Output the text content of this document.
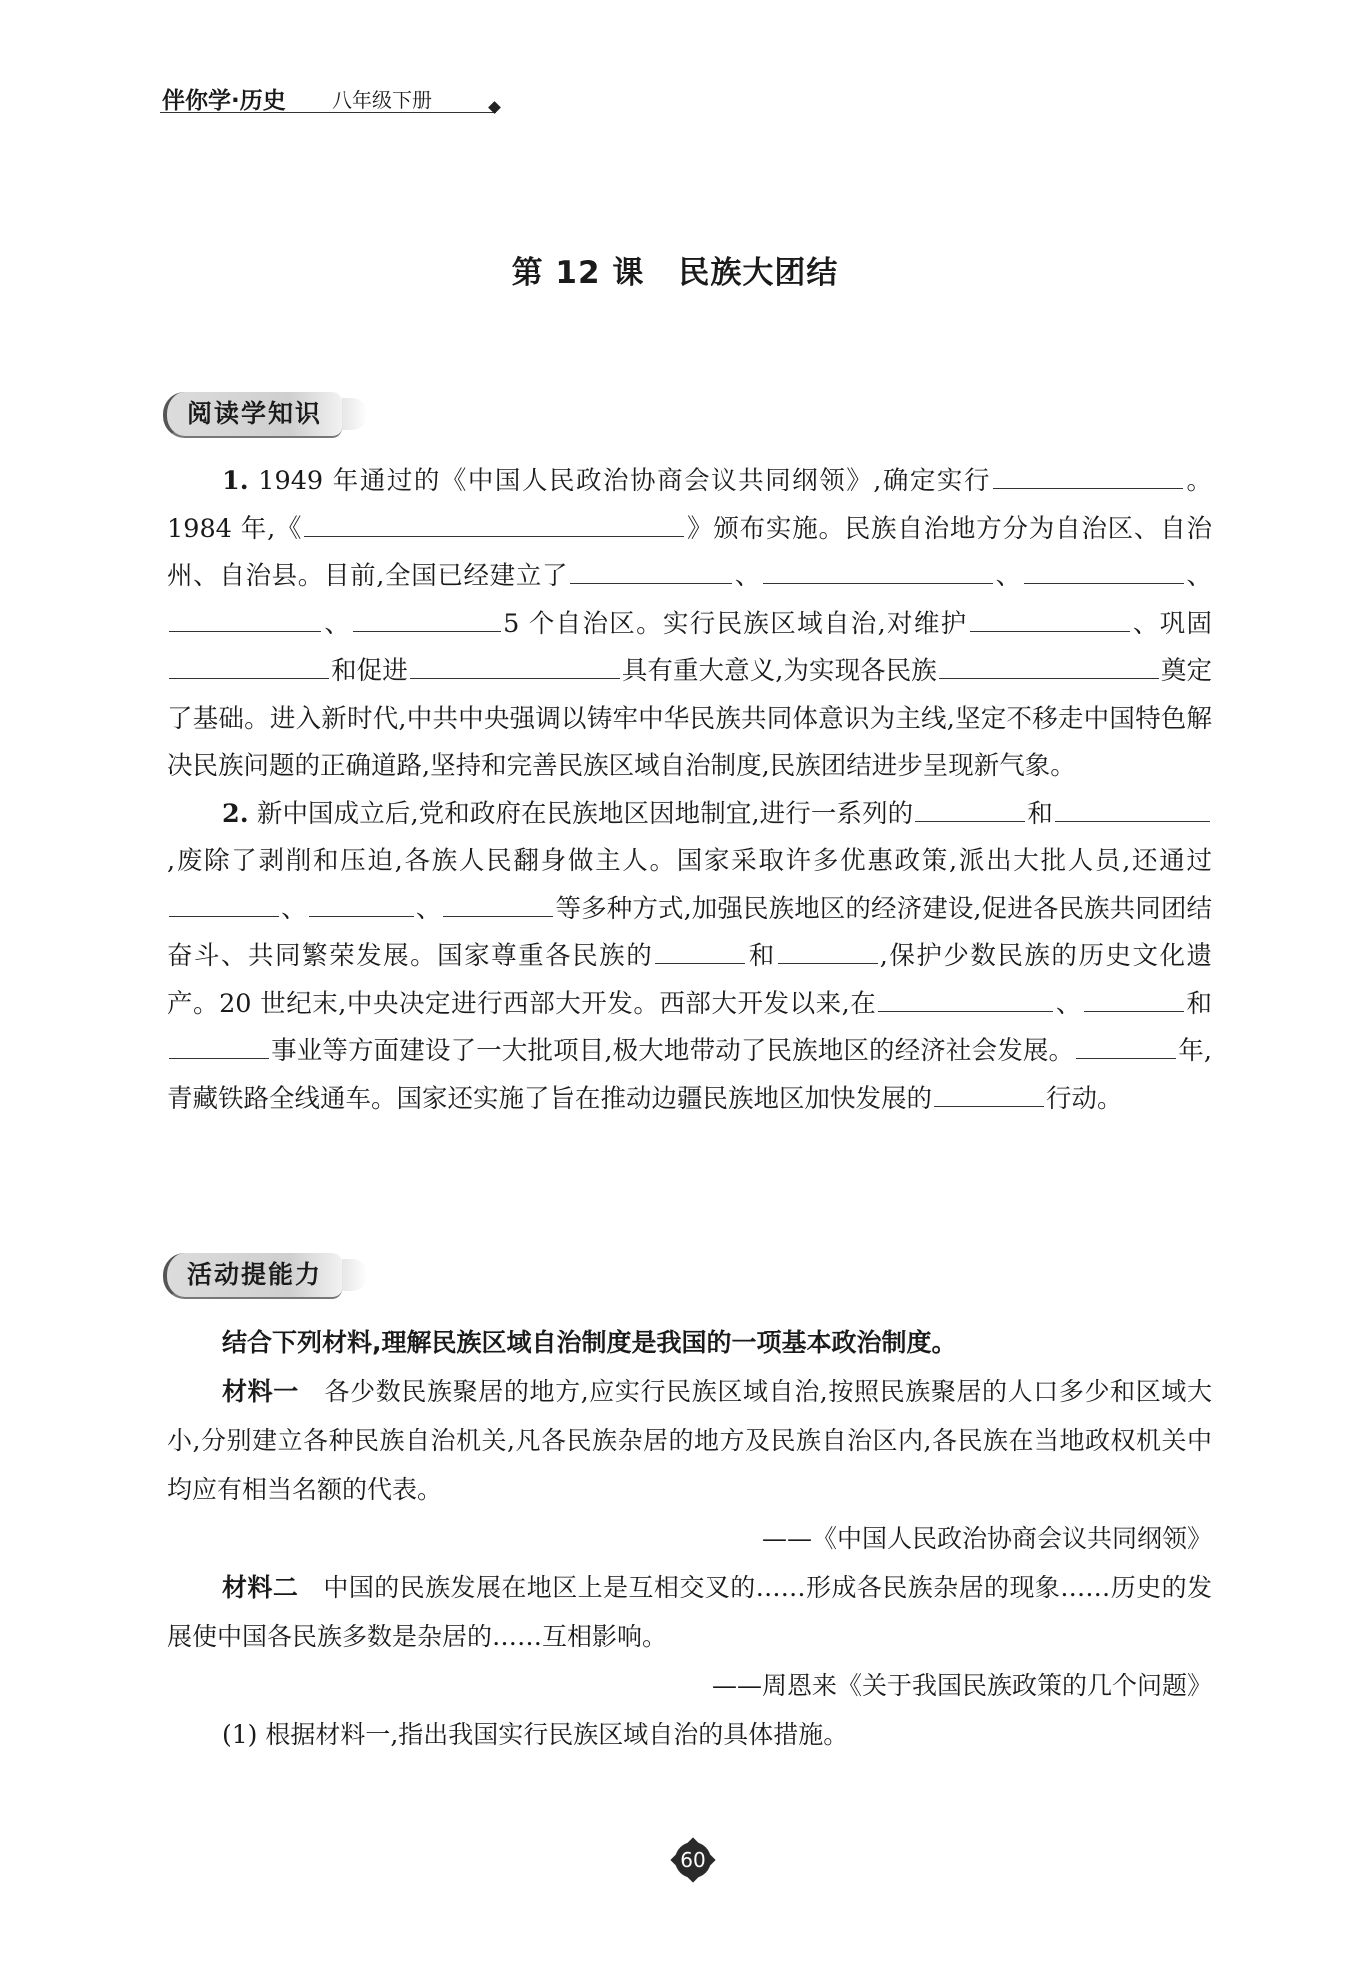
伴你学·历史 八年级下册
第 12 课 民族大团结
阅读学知识

1. 1949 年通过的《中国人民政治协商会议共同纲领》,确定实行	。1984 年,《	》颁布实施。民族自治地方分为自治区、自治州、自治县。目前,全国已经建立了	、	、	、、	5 个自治区。实行民族区域自治,对维护	、巩固和促进	具有重大意义,为实现各民族	奠定了基础。进入新时代,中共中央强调以铸牢中华民族共同体意识为主线,坚定不移走中国特色解决民族问题的正确道路,坚持和完善民族区域自治制度,民族团结进步呈现新气象。

2. 新中国成立后,党和政府在民族地区因地制宜,进行一系列的	和,废除了剥削和压迫,各族人民翻身做主人。国家采取许多优惠政策,派出大批人员,还通过、	、	等多种方式,加强民族地区的经济建设,促进各民族共同团结奋斗、共同繁荣发展。国家尊重各民族的	和	,保护少数民族的历史文化遗产。20 世纪末,中央决定进行西部大开发。西部大开发以来,在	、	和事业等方面建设了一大批项目,极大地带动了民族地区的经济社会发展。	年,青藏铁路全线通车。国家还实施了旨在推动边疆民族地区加快发展的	行动。

活动提能力

结合下列材料,理解民族区域自治制度是我国的一项基本政治制度。

材料一 各少数民族聚居的地方,应实行民族区域自治,按照民族聚居的人口多少和区域大小,分别建立各种民族自治机关,凡各民族杂居的地方及民族自治区内,各民族在当地政权机关中均应有相当名额的代表。

——《中国人民政治协商会议共同纲领》

材料二 中国的民族发展在地区上是互相交叉的……形成各民族杂居的现象……历史的发展使中国各民族多数是杂居的……互相影响。

——周恩来《关于我国民族政策的几个问题》

(1) 根据材料一,指出我国实行民族区域自治的具体措施。

60
